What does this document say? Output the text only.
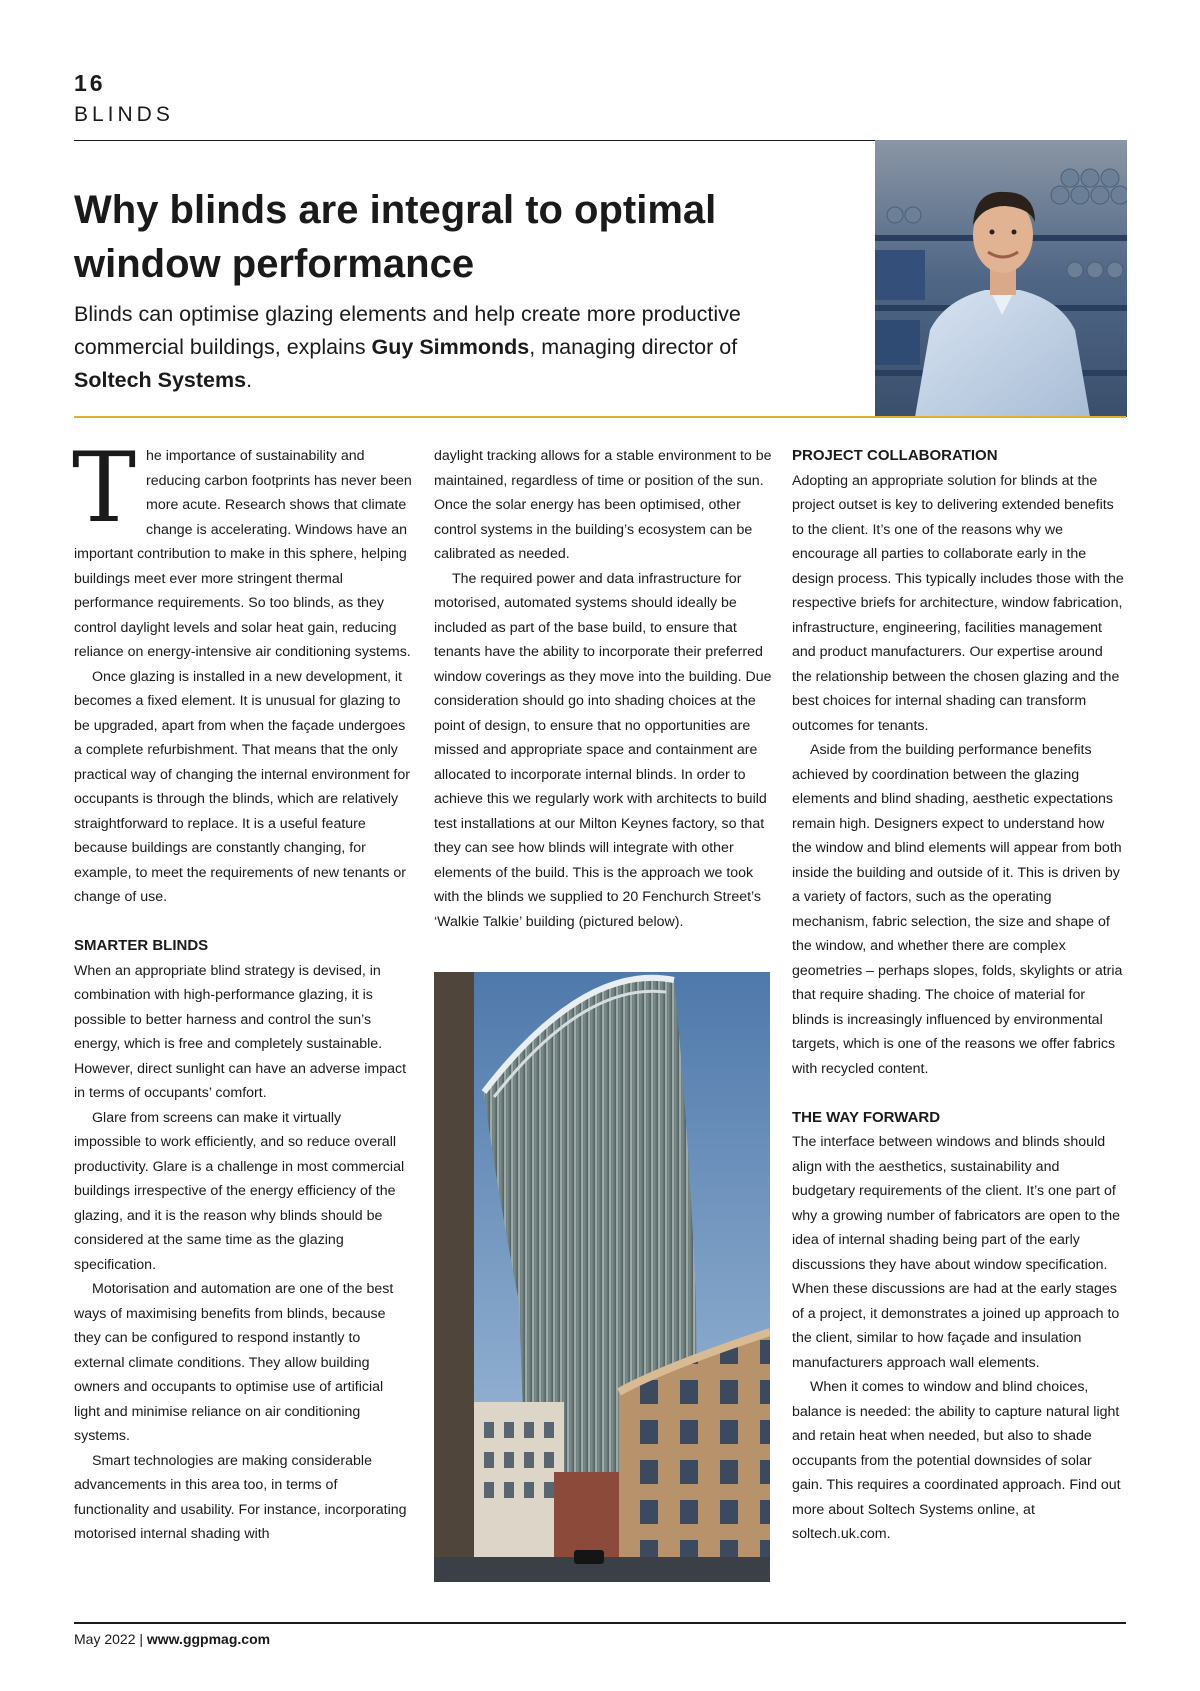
16
BLINDS
Why blinds are integral to optimal window performance

Blinds can optimise glazing elements and help create more productive commercial buildings, explains Guy Simmonds, managing director of Soltech Systems.

The importance of sustainability and reducing carbon footprints has never been more acute. Research shows that climate change is accelerating. Windows have an important contribution to make in this sphere, helping buildings meet ever more stringent thermal performance requirements. So too blinds, as they control daylight levels and solar heat gain, reducing reliance on energy-intensive air conditioning systems.

Once glazing is installed in a new development, it becomes a fixed element. It is unusual for glazing to be upgraded, apart from when the façade undergoes a complete refurbishment. That means that the only practical way of changing the internal environment for occupants is through the blinds, which are relatively straightforward to replace. It is a useful feature because buildings are constantly changing, for example, to meet the requirements of new tenants or change of use.

SMARTER BLINDS

When an appropriate blind strategy is devised, in combination with high-performance glazing, it is possible to better harness and control the sun’s energy, which is free and completely sustainable. However, direct sunlight can have an adverse impact in terms of occupants’ comfort.

Glare from screens can make it virtually impossible to work efficiently, and so reduce overall productivity. Glare is a challenge in most commercial buildings irrespective of the energy efficiency of the glazing, and it is the reason why blinds should be considered at the same time as the glazing specification.

Motorisation and automation are one of the best ways of maximising benefits from blinds, because they can be configured to respond instantly to external climate conditions. They allow building owners and occupants to optimise use of artificial light and minimise reliance on air conditioning systems.

Smart technologies are making considerable advancements in this area too, in terms of functionality and usability. For instance, incorporating motorised internal shading with

daylight tracking allows for a stable environment to be maintained, regardless of time or position of the sun. Once the solar energy has been optimised, other control systems in the building’s ecosystem can be calibrated as needed.

The required power and data infrastructure for motorised, automated systems should ideally be included as part of the base build, to ensure that tenants have the ability to incorporate their preferred window coverings as they move into the building. Due consideration should go into shading choices at the point of design, to ensure that no opportunities are missed and appropriate space and containment are allocated to incorporate internal blinds. In order to achieve this we regularly work with architects to build test installations at our Milton Keynes factory, so that they can see how blinds will integrate with other elements of the build. This is the approach we took with the blinds we supplied to 20 Fenchurch Street’s ‘Walkie Talkie’ building (pictured below).

PROJECT COLLABORATION

Adopting an appropriate solution for blinds at the project outset is key to delivering extended benefits to the client. It’s one of the reasons why we encourage all parties to collaborate early in the design process. This typically includes those with the respective briefs for architecture, window fabrication, infrastructure, engineering, facilities management and product manufacturers. Our expertise around the relationship between the chosen glazing and the best choices for internal shading can transform outcomes for tenants.

Aside from the building performance benefits achieved by coordination between the glazing elements and blind shading, aesthetic expectations remain high. Designers expect to understand how the window and blind elements will appear from both inside the building and outside of it. This is driven by a variety of factors, such as the operating mechanism, fabric selection, the size and shape of the window, and whether there are complex geometries – perhaps slopes, folds, skylights or atria that require shading. The choice of material for blinds is increasingly influenced by environmental targets, which is one of the reasons we offer fabrics with recycled content.

THE WAY FORWARD

The interface between windows and blinds should align with the aesthetics, sustainability and budgetary requirements of the client. It’s one part of why a growing number of fabricators are open to the idea of internal shading being part of the early discussions they have about window specification. When these discussions are had at the early stages of a project, it demonstrates a joined up approach to the client, similar to how façade and insulation manufacturers approach wall elements.

When it comes to window and blind choices, balance is needed: the ability to capture natural light and retain heat when needed, but also to shade occupants from the potential downsides of solar gain. This requires a coordinated approach. Find out more about Soltech Systems online, at soltech.uk.com.

May 2022 | www.ggpmag.com
